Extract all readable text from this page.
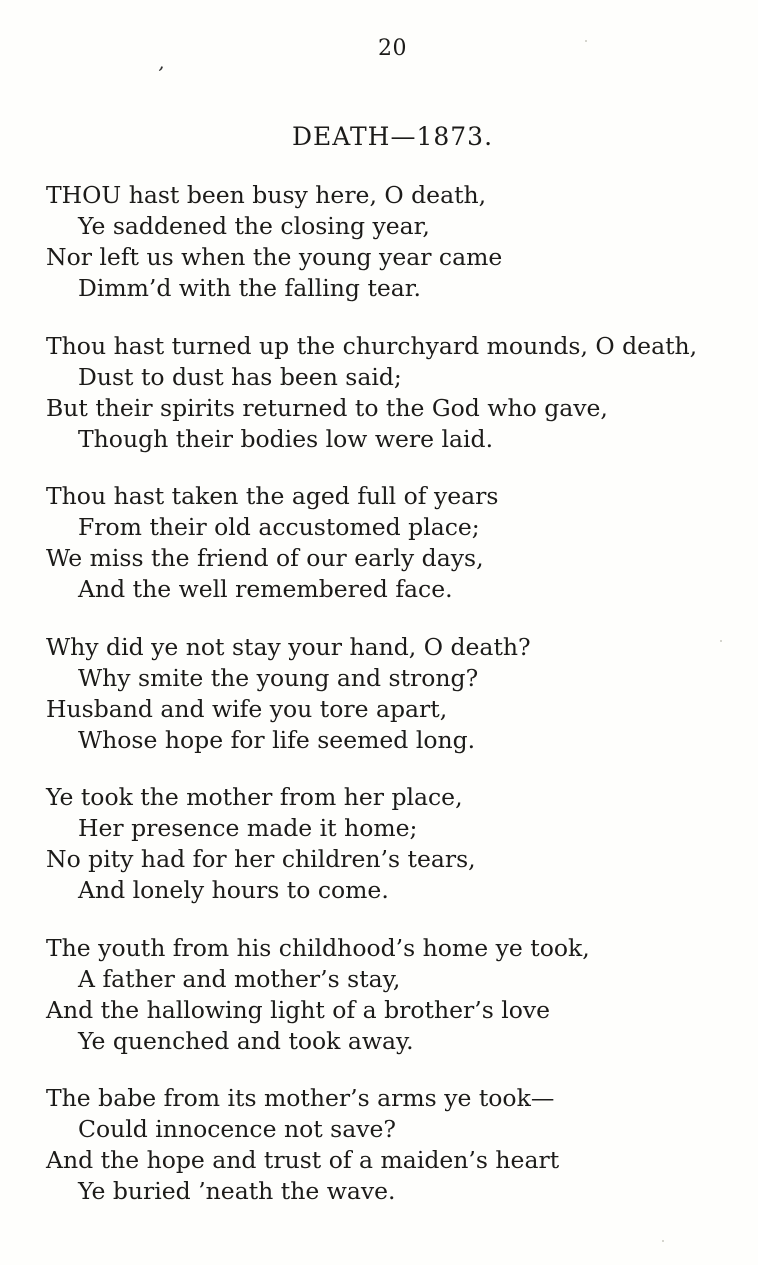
20
ʼ
DEATH—1873.
THOU hast been busy here, O death,
Ye saddened the closing year,
Nor left us when the young year came
Dimm’d with the falling tear.
Thou hast turned up the churchyard mounds, O death,
Dust to dust has been said;
But their spirits returned to the God who gave,
Though their bodies low were laid.
Thou hast taken the aged full of years
From their old accustomed place;
We miss the friend of our early days,
And the well remembered face.
Why did ye not stay your hand, O death?
Why smite the young and strong?
Husband and wife you tore apart,
Whose hope for life seemed long.
Ye took the mother from her place,
Her presence made it home;
No pity had for her children’s tears,
And lonely hours to come.
The youth from his childhood’s home ye took,
A father and mother’s stay,
And the hallowing light of a brother’s love
Ye quenched and took away.
The babe from its mother’s arms ye took—
Could innocence not save?
And the hope and trust of a maiden’s heart
Ye buried ’neath the wave.
